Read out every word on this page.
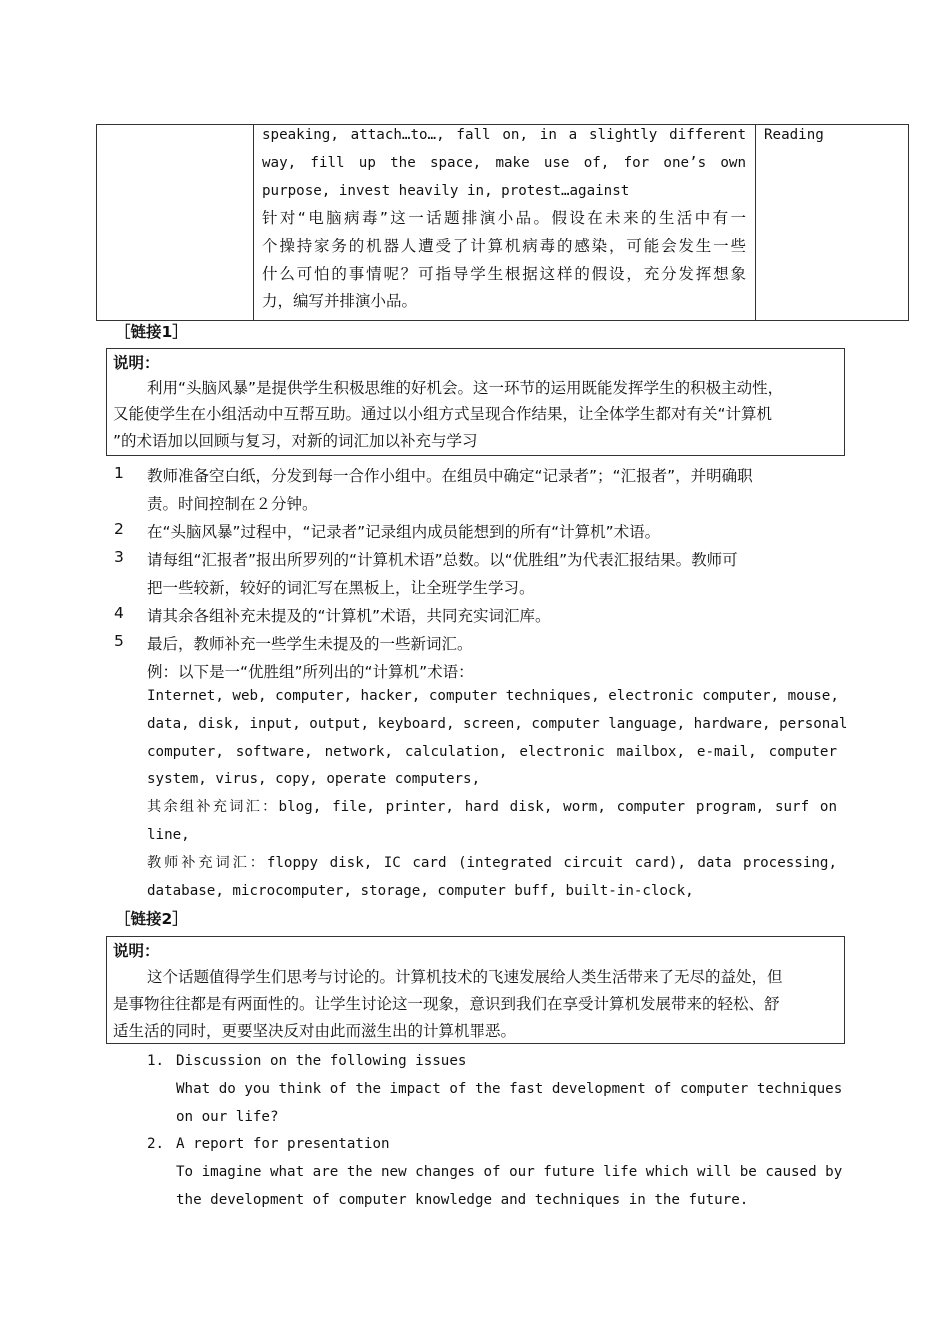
speaking, attach…to…, fall on, in a slightly different
way, fill up the space, make use of, for one’s own
purpose, invest heavily in, protest…against
针对“电脑病毒”这一话题排演小品。假设在未来的生活中有一
个操持家务的机器人遭受了计算机病毒的感染，可能会发生一些
什么可怕的事情呢？可指导学生根据这样的假设，充分发挥想象
力，编写并排演小品。
Reading
［链接1］
说明：
利用“头脑风暴”是提供学生积极思维的好机会。这一环节的运用既能发挥学生的积极主动性，
又能使学生在小组活动中互帮互助。通过以小组方式呈现合作结果，让全体学生都对有关“计算机
”的术语加以回顾与复习，对新的词汇加以补充与学习
1 教师准备空白纸，分发到每一合作小组中。在组员中确定“记录者”；“汇报者”，并明确职
责。时间控制在２分钟。
2 在“头脑风暴”过程中，“记录者”记录组内成员能想到的所有“计算机”术语。
3 请每组“汇报者”报出所罗列的“计算机术语”总数。以“优胜组”为代表汇报结果。教师可
把一些较新，较好的词汇写在黑板上，让全班学生学习。
4 请其余各组补充未提及的“计算机”术语，共同充实词汇库。
5 最后，教师补充一些学生未提及的一些新词汇。
例：以下是一“优胜组”所列出的“计算机”术语：
Internet, web, computer, hacker, computer techniques, electronic computer, mouse,
data, disk, input, output, keyboard, screen, computer language, hardware, personal
computer, software, network, calculation, electronic mailbox, e-mail, computer
system, virus, copy, operate computers,
其余组补充词汇：blog, file, printer, hard disk, worm, computer program, surf on
line,
教师补充词汇：floppy disk, IC card (integrated circuit card), data processing,
database, microcomputer, storage, computer buff, built-in-clock,
［链接2］
说明：
这个话题值得学生们思考与讨论的。计算机技术的飞速发展给人类生活带来了无尽的益处，但
是事物往往都是有两面性的。让学生讨论这一现象，意识到我们在享受计算机发展带来的轻松、舒
适生活的同时，更要坚决反对由此而滋生出的计算机罪恶。
1. Discussion on the following issues
What do you think of the impact of the fast development of computer techniques
on our life?
2. A report for presentation
To imagine what are the new changes of our future life which will be caused by
the development of computer knowledge and techniques in the future.
